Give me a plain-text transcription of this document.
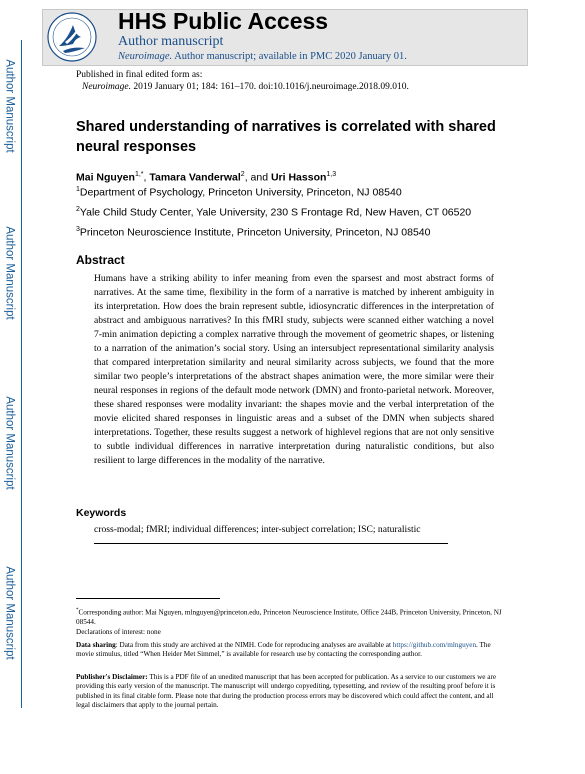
Author Manuscript
Author Manuscript
Author Manuscript
Author Manuscript
HHS Public Access
Author manuscript
Neuroimage. Author manuscript; available in PMC 2020 January 01.
Published in final edited form as:
Neuroimage. 2019 January 01; 184: 161–170. doi:10.1016/j.neuroimage.2018.09.010.
Shared understanding of narratives is correlated with shared neural responses
Mai Nguyen$^{1,*}$, Tamara Vanderwal$^2$, and Uri Hasson$^{1,3}$
$^1$Department of Psychology, Princeton University, Princeton, NJ 08540
$^2$Yale Child Study Center, Yale University, 230 S Frontage Rd, New Haven, CT 06520
$^3$Princeton Neuroscience Institute, Princeton University, Princeton, NJ 08540
Abstract
Humans have a striking ability to infer meaning from even the sparsest and most abstract forms of narratives. At the same time, flexibility in the form of a narrative is matched by inherent ambiguity in its interpretation. How does the brain represent subtle, idiosyncratic differences in the interpretation of abstract and ambiguous narratives? In this fMRI study, subjects were scanned either watching a novel 7-min animation depicting a complex narrative through the movement of geometric shapes, or listening to a narration of the animation’s social story. Using an intersubject representational similarity analysis that compared interpretation similarity and neural similarity across subjects, we found that the more similar two people’s interpretations of the abstract shapes animation were, the more similar were their neural responses in regions of the default mode network (DMN) and fronto-parietal network. Moreover, these shared responses were modality invariant: the shapes movie and the verbal interpretation of the movie elicited shared responses in linguistic areas and a subset of the DMN when subjects shared interpretations. Together, these results suggest a network of highlevel regions that are not only sensitive to subtle individual differences in narrative interpretation during naturalistic conditions, but also resilient to large differences in the modality of the narrative.
Keywords
cross-modal; fMRI; individual differences; inter-subject correlation; ISC; naturalistic
*Corresponding author: Mai Nguyen, mlnguyen@princeton.edu, Princeton Neuroscience Institute, Office 244B, Princeton University, Princeton, NJ 08544.
Declarations of interest: none
Data sharing: Data from this study are archived at the NIMH. Code for reproducing analyses are available at https://github.com/mlnguyen. The movie stimulus, titled “When Heider Met Simmel,” is available for research use by contacting the corresponding author.
Publisher's Disclaimer: This is a PDF file of an unedited manuscript that has been accepted for publication. As a service to our customers we are providing this early version of the manuscript. The manuscript will undergo copyediting, typesetting, and review of the resulting proof before it is published in its final citable form. Please note that during the production process errors may be discovered which could affect the content, and all legal disclaimers that apply to the journal pertain.
